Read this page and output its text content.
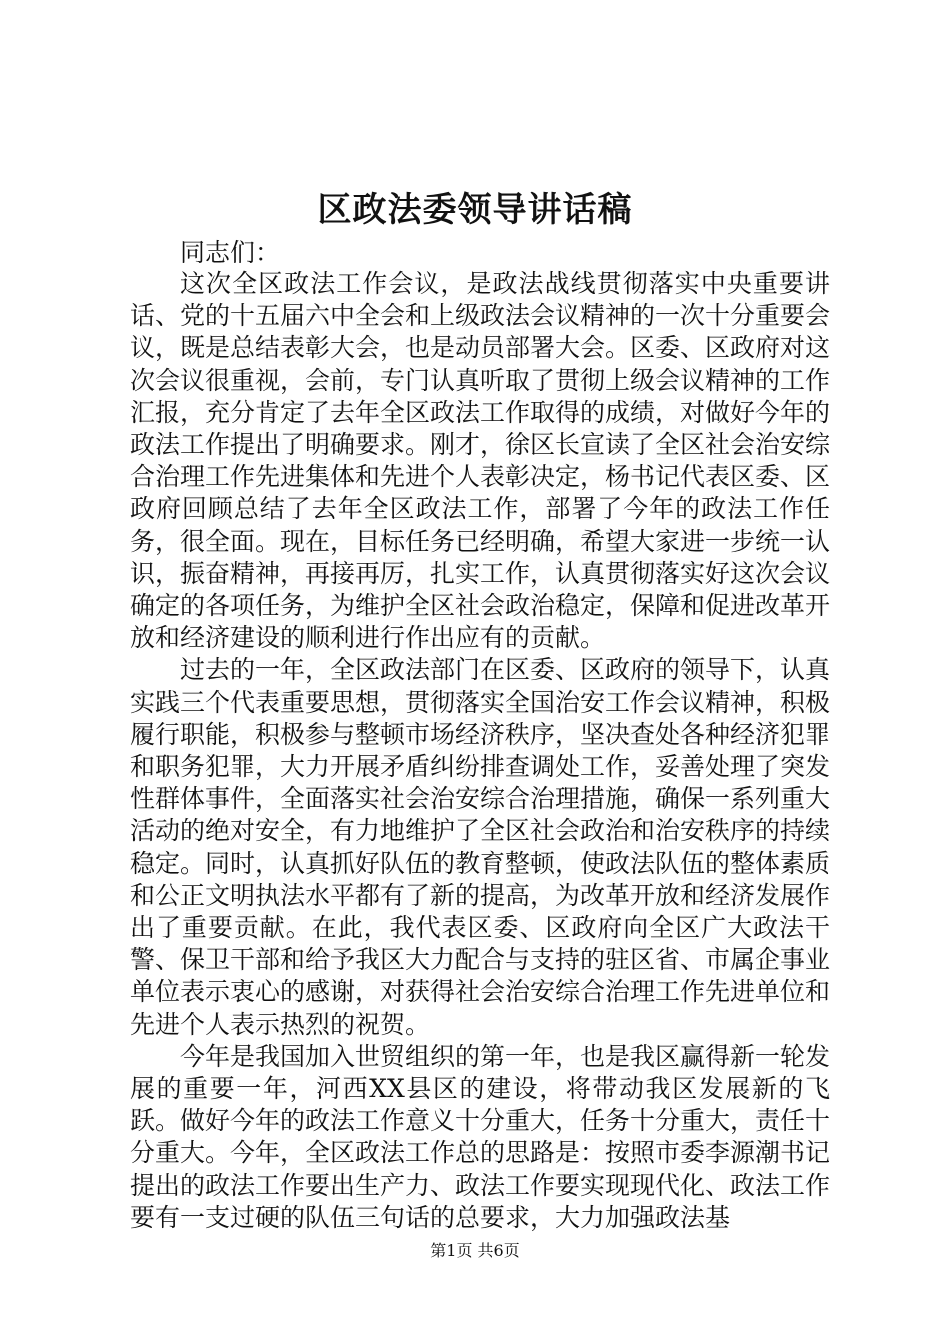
区政法委领导讲话稿
同志们：

这次全区政法工作会议，是政法战线贯彻落实中央重要讲话、党的十五届六中全会和上级政法会议精神的一次十分重要会议，既是总结表彰大会，也是动员部署大会。区委、区政府对这次会议很重视，会前，专门认真听取了贯彻上级会议精神的工作汇报，充分肯定了去年全区政法工作取得的成绩，对做好今年的政法工作提出了明确要求。刚才，徐区长宣读了全区社会治安综合治理工作先进集体和先进个人表彰决定，杨书记代表区委、区政府回顾总结了去年全区政法工作，部署了今年的政法工作任务，很全面。现在，目标任务已经明确，希望大家进一步统一认识，振奋精神，再接再厉，扎实工作，认真贯彻落实好这次会议确定的各项任务，为维护全区社会政治稳定，保障和促进改革开放和经济建设的顺利进行作出应有的贡献。

过去的一年，全区政法部门在区委、区政府的领导下，认真实践三个代表重要思想，贯彻落实全国治安工作会议精神，积极履行职能，积极参与整顿市场经济秩序，坚决查处各种经济犯罪和职务犯罪，大力开展矛盾纠纷排查调处工作，妥善处理了突发性群体事件，全面落实社会治安综合治理措施，确保一系列重大活动的绝对安全，有力地维护了全区社会政治和治安秩序的持续稳定。同时，认真抓好队伍的教育整顿，使政法队伍的整体素质和公正文明执法水平都有了新的提高，为改革开放和经济发展作出了重要贡献。在此，我代表区委、区政府向全区广大政法干警、保卫干部和给予我区大力配合与支持的驻区省、市属企事业单位表示衷心的感谢，对获得社会治安综合治理工作先进单位和先进个人表示热烈的祝贺。

今年是我国加入世贸组织的第一年，也是我区赢得新一轮发展的重要一年，河西XX县区的建设，将带动我区发展新的飞跃。做好今年的政法工作意义十分重大，任务十分重大，责任十分重大。今年，全区政法工作总的思路是：按照市委李源潮书记提出的政法工作要出生产力、政法工作要实现现代化、政法工作要有一支过硬的队伍三句话的总要求，大力加强政法基

第1页 共6页
